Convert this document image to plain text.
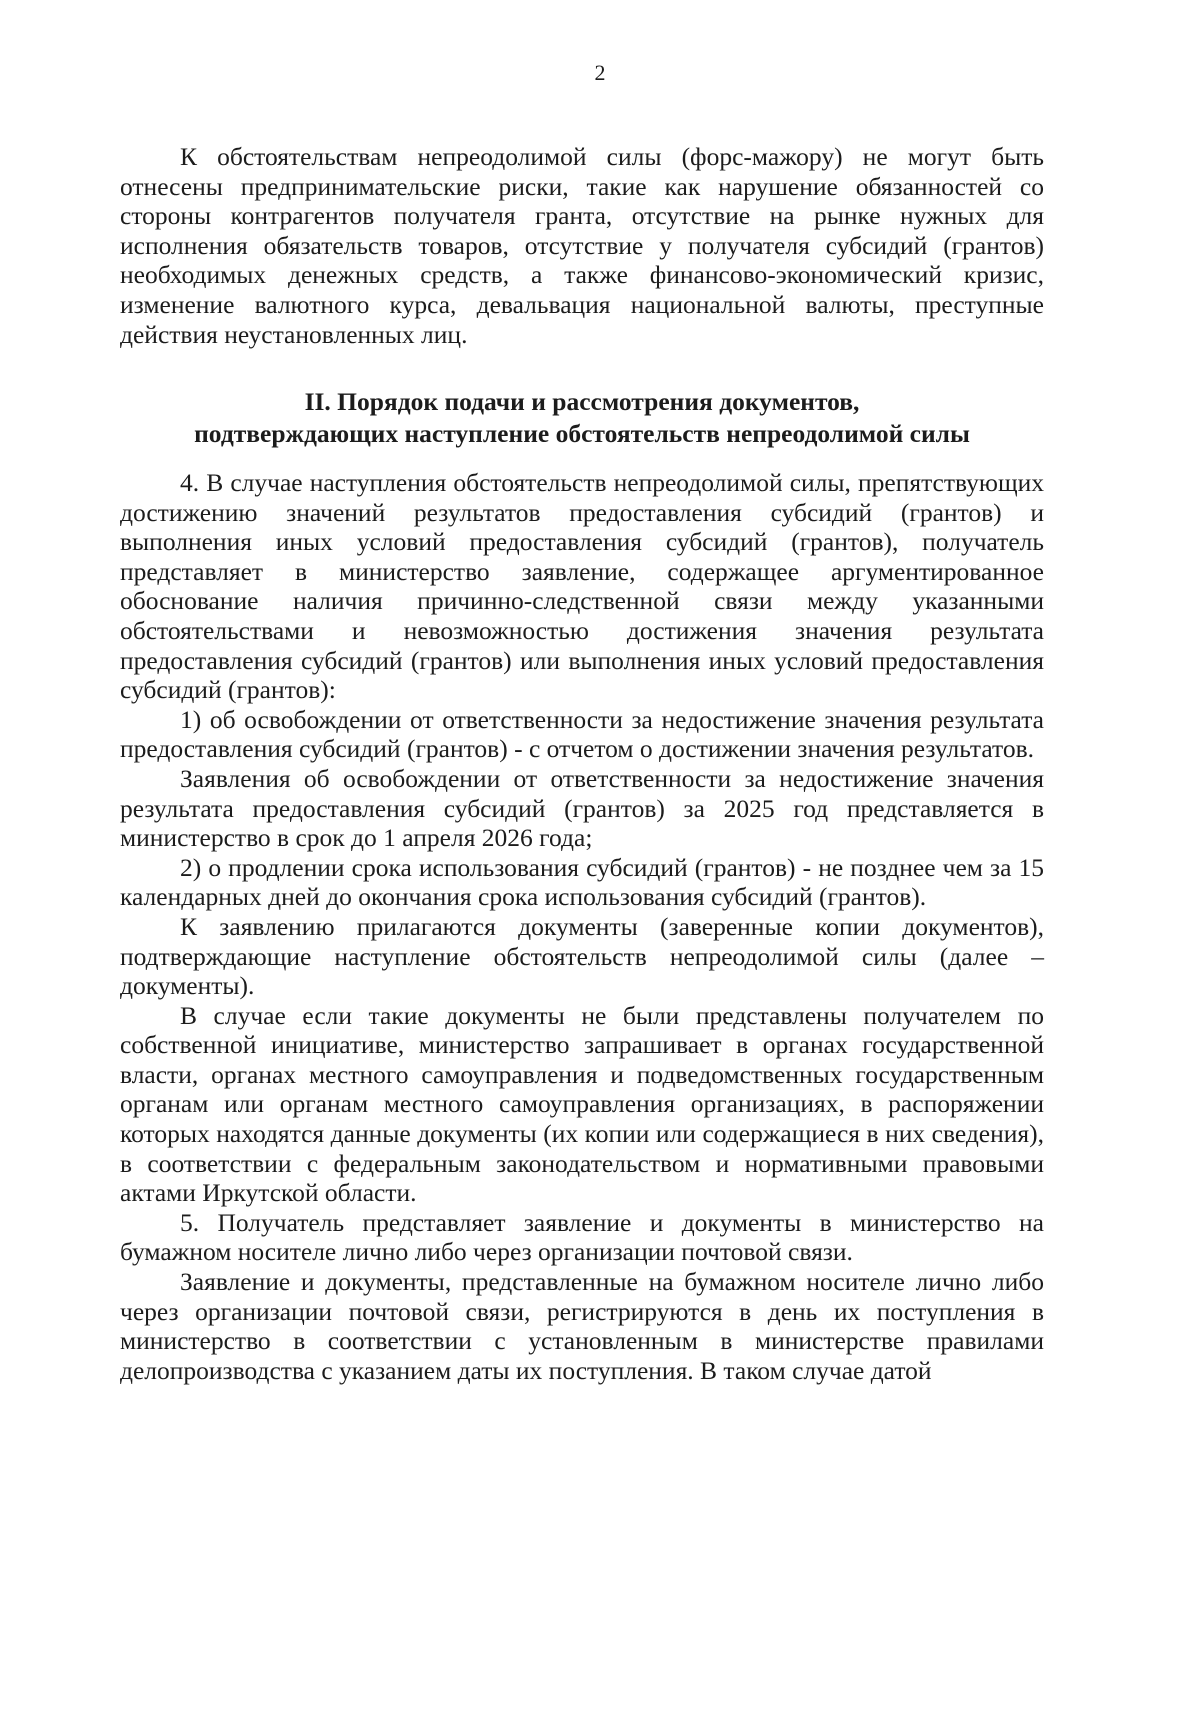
2

К обстоятельствам непреодолимой силы (форс-мажору) не могут быть отнесены предпринимательские риски, такие как нарушение обязанностей со стороны контрагентов получателя гранта, отсутствие на рынке нужных для исполнения обязательств товаров, отсутствие у получателя субсидий (грантов) необходимых денежных средств, а также финансово-экономический кризис, изменение валютного курса, девальвация национальной валюты, преступные действия неустановленных лиц.

II. Порядок подачи и рассмотрения документов,
подтверждающих наступление обстоятельств непреодолимой силы

4. В случае наступления обстоятельств непреодолимой силы, препятствующих достижению значений результатов предоставления субсидий (грантов) и выполнения иных условий предоставления субсидий (грантов), получатель представляет в министерство заявление, содержащее аргументированное обоснование наличия причинно-следственной связи между указанными обстоятельствами и невозможностью достижения значения результата предоставления субсидий (грантов) или выполнения иных условий предоставления субсидий (грантов):

1) об освобождении от ответственности за недостижение значения результата предоставления субсидий (грантов) - с отчетом о достижении значения результатов.

Заявления об освобождении от ответственности за недостижение значения результата предоставления субсидий (грантов) за 2025 год представляется в министерство в срок до 1 апреля 2026 года;

2) о продлении срока использования субсидий (грантов) - не позднее чем за 15 календарных дней до окончания срока использования субсидий (грантов).

К заявлению прилагаются документы (заверенные копии документов), подтверждающие наступление обстоятельств непреодолимой силы (далее – документы).

В случае если такие документы не были представлены получателем по собственной инициативе, министерство запрашивает в органах государственной власти, органах местного самоуправления и подведомственных государственным органам или органам местного самоуправления организациях, в распоряжении которых находятся данные документы (их копии или содержащиеся в них сведения), в соответствии с федеральным законодательством и нормативными правовыми актами Иркутской области.

5. Получатель представляет заявление и документы в министерство на бумажном носителе лично либо через организации почтовой связи.

Заявление и документы, представленные на бумажном носителе лично либо через организации почтовой связи, регистрируются в день их поступления в министерство в соответствии с установленным в министерстве правилами делопроизводства с указанием даты их поступления. В таком случае датой
